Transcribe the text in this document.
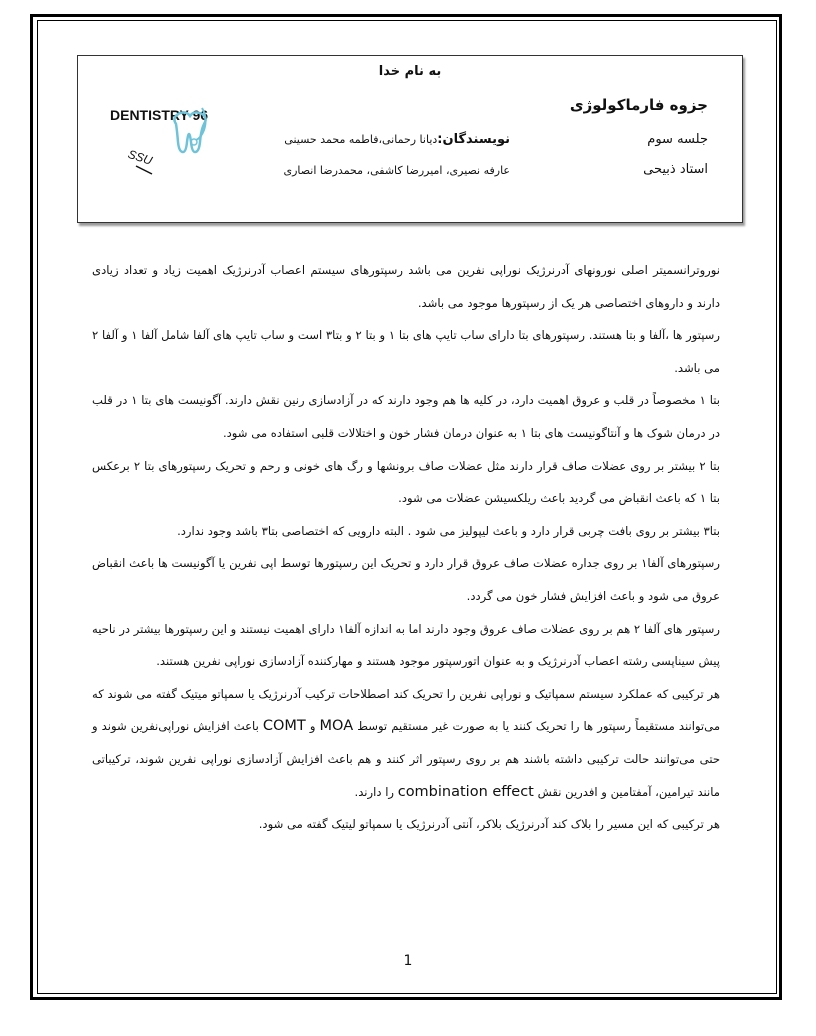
به نام خدا
جزوه فارماکولوژی
جلسه سوم
استاد ذبیحی
نویسندگان:دیانا رحمانی،فاطمه محمد حسینی
عارفه نصیری، امیررضا کاشفی، محمدرضا انصاری
DENTISTRY 96
SSU

نوروترانسمیتر اصلی نورونهای آدرنرژیک نوراپی نفرین می باشد رسپتورهای سیستم اعصاب آدرنرژیک اهمیت زیاد و تعداد زیادی دارند و داروهای اختصاصی هر یک از رسپتورها موجود می باشد.

رسپتور ها ،آلفا و بتا هستند. رسپتورهای بتا دارای ساب تایپ های بتا ۱ و بتا ۲ و بتا۳ است و ساب تایپ های آلفا شامل آلفا ۱ و آلفا ۲ می باشد.

بتا ۱ مخصوصاً در قلب و عروق اهمیت دارد، در کلیه ها هم وجود دارند که در آزادسازی رنین نقش دارند. آگونیست های بتا ۱ در قلب در درمان شوک ها و آنتاگونیست های بتا ۱ به عنوان درمان فشار خون و اختلالات قلبی استفاده می شود.

بتا ۲ بیشتر بر روی عضلات صاف قرار دارند مثل عضلات صاف برونشها و رگ های خونی و رحم و تحریک رسپتورهای بتا ۲ برعکس بتا ۱ که باعث انقباض می گردید باعث ریلکسیشن عضلات می شود.

بتا۳ بیشتر بر روی بافت چربی قرار دارد و باعث لیپولیز می شود . البته دارویی که اختصاصی بتا۳ باشد وجود ندارد.

رسپتورهای آلفا۱ بر روی جداره عضلات صاف عروق قرار دارد و تحریک این رسپتورها توسط اپی نفرین یا آگونیست ها باعث انقباض عروق می شود و باعث افزایش فشار خون می گردد.

رسپتور های آلفا ۲ هم بر روی عضلات صاف عروق وجود دارند اما به اندازه آلفا۱ دارای اهمیت نیستند و این رسپتورها بیشتر در ناحیه پیش سیناپسی رشته اعصاب آدرنرژیک و به عنوان اتورسپتور موجود هستند و مهارکننده آزادسازی نوراپی نفرین هستند.

هر ترکیبی که عملکرد سیستم سمپاتیک و نوراپی نفرین را تحریک کند اصطلاحات ترکیب آدرنرژیک یا سمپاتو میتیک گفته می شوند که می‌توانند مستقیماً رسپتور ها را تحریک کنند یا به صورت غیر مستقیم توسط MOA و COMT باعث افزایش نوراپی‌نفرین شوند و حتی می‌توانند حالت ترکیبی داشته باشند هم بر روی رسپتور اثر کنند و هم باعث افزایش آزادسازی نوراپی نفرین شوند، ترکیباتی مانند تیرامین، آمفتامین و افدرین نقش combination effect را دارند.

هر ترکیبی که این مسیر را بلاک کند آدرنرژیک بلاکر، آنتی آدرنرژیک یا سمپاتو لیتیک گفته می شود.

1
